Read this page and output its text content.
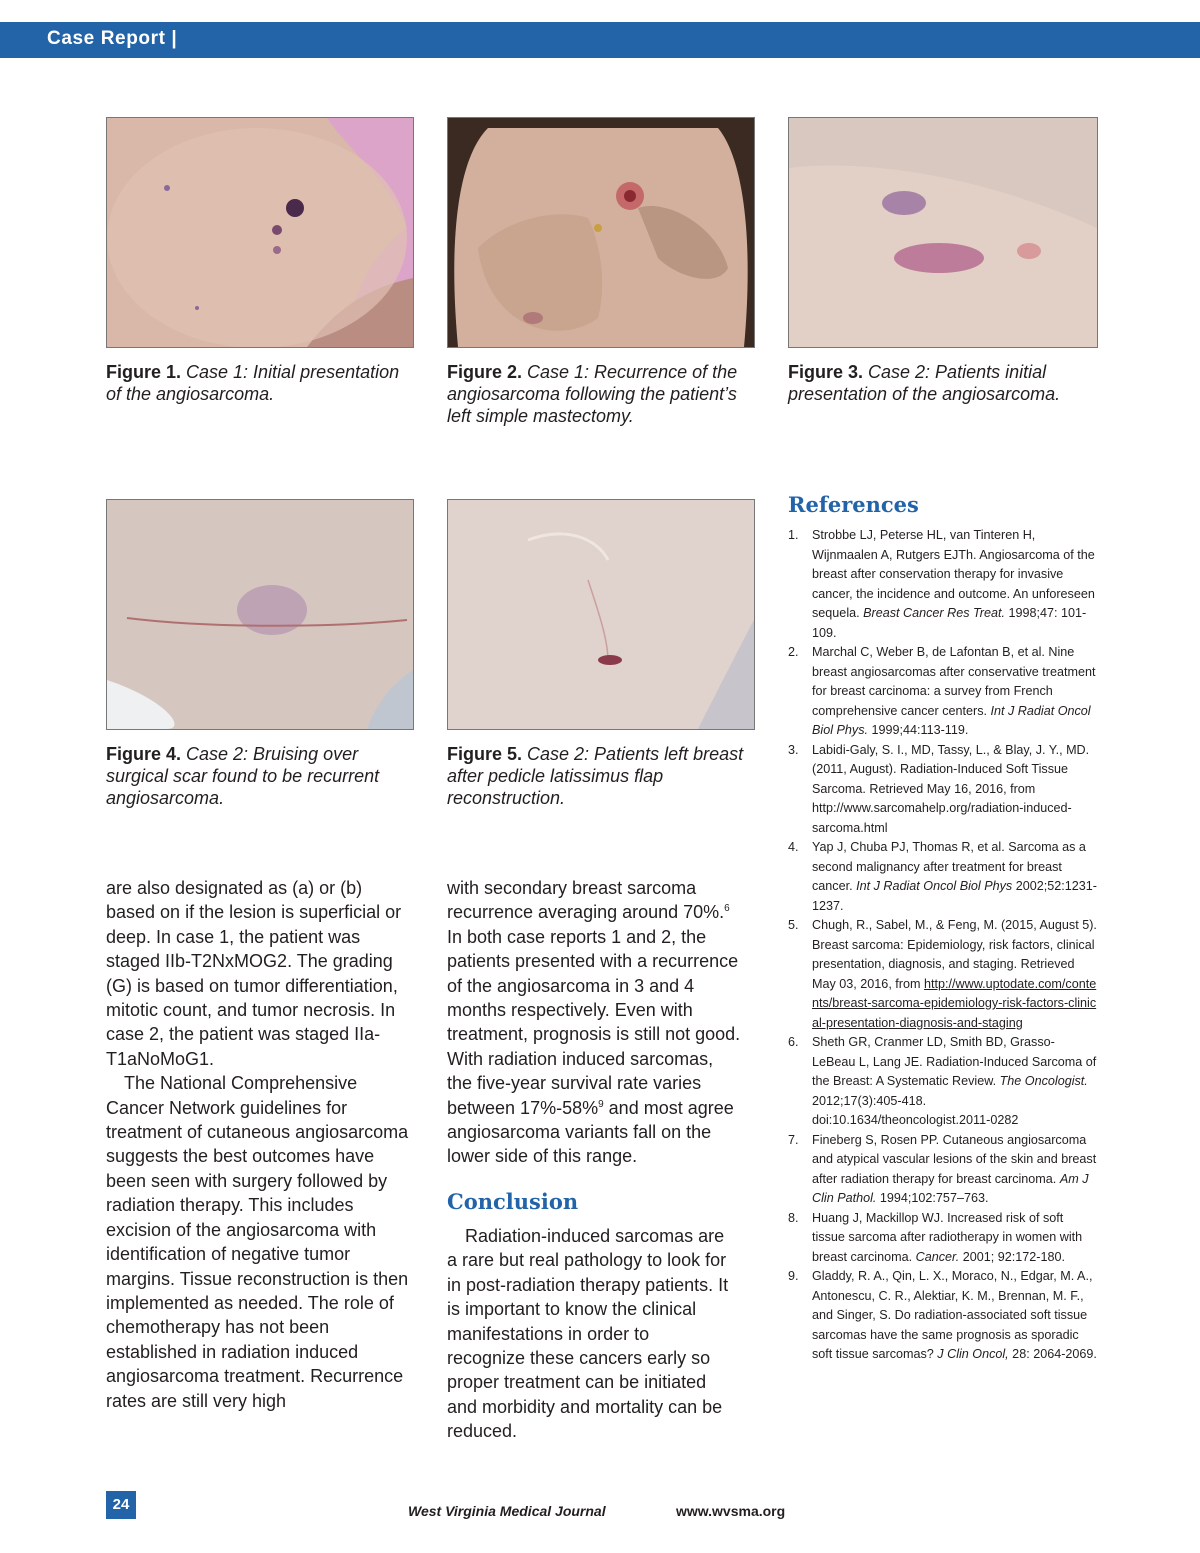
Case Report |
Figure 1. Case 1: Initial presentation of the angiosarcoma.
Figure 2. Case 1: Recurrence of the angiosarcoma following the patient’s left simple mastectomy.
Figure 3. Case 2: Patients initial presentation of the angiosarcoma.
Figure 4. Case 2: Bruising over surgical scar found to be recurrent angiosarcoma.
Figure 5. Case 2: Patients left breast after pedicle latissimus flap reconstruction.

are also designated as (a) or (b) based on if the lesion is superficial or deep. In case 1, the patient was staged IIb-T2NxMOG2. The grading (G) is based on tumor differentiation, mitotic count, and tumor necrosis. In case 2, the patient was staged IIa-T1aNoMoG1.

The National Comprehensive Cancer Network guidelines for treatment of cutaneous angiosarcoma suggests the best outcomes have been seen with surgery followed by radiation therapy. This includes excision of the angiosarcoma with identification of negative tumor margins. Tissue reconstruction is then implemented as needed. The role of chemotherapy has not been established in radiation induced angiosarcoma treatment. Recurrence rates are still very high

with secondary breast sarcoma recurrence averaging around 70%.$^6$ In both case reports 1 and 2, the patients presented with a recurrence of the angiosarcoma in 3 and 4 months respectively. Even with treatment, prognosis is still not good. With radiation induced sarcomas, the five-year survival rate varies between 17%-58%$^9$ and most agree angiosarcoma variants fall on the lower side of this range.

Conclusion

Radiation-induced sarcomas are a rare but real pathology to look for in post-radiation therapy patients. It is important to know the clinical manifestations in order to recognize these cancers early so proper treatment can be initiated and morbidity and mortality can be reduced.

References
1. Strobbe LJ, Peterse HL, van Tinteren H, Wijnmaalen A, Rutgers EJTh. Angiosarcoma of the breast after conservation therapy for invasive cancer, the incidence and outcome. An unforeseen sequela. Breast Cancer Res Treat. 1998;47: 101-109.
2. Marchal C, Weber B, de Lafontan B, et al. Nine breast angiosarcomas after conservative treatment for breast carcinoma: a survey from French comprehensive cancer centers. Int J Radiat Oncol Biol Phys. 1999;44:113-119.
3. Labidi-Galy, S. I., MD, Tassy, L., & Blay, J. Y., MD. (2011, August). Radiation-Induced Soft Tissue Sarcoma. Retrieved May 16, 2016, from http://www.sarcomahelp.org/radiation-induced-sarcoma.html
4. Yap J, Chuba PJ, Thomas R, et al. Sarcoma as a second malignancy after treatment for breast cancer. Int J Radiat Oncol Biol Phys 2002;52:1231-1237.
5. Chugh, R., Sabel, M., & Feng, M. (2015, August 5). Breast sarcoma: Epidemiology, risk factors, clinical presentation, diagnosis, and staging. Retrieved May 03, 2016, from http://www.uptodate.com/contents/breast-sarcoma-epidemiology-risk-factors-clinical-presentation-diagnosis-and-staging
6. Sheth GR, Cranmer LD, Smith BD, Grasso-LeBeau L, Lang JE. Radiation-Induced Sarcoma of the Breast: A Systematic Review. The Oncologist. 2012;17(3):405-418. doi:10.1634/theoncologist.2011-0282
7. Fineberg S, Rosen PP. Cutaneous angiosarcoma and atypical vascular lesions of the skin and breast after radiation therapy for breast carcinoma. Am J Clin Pathol. 1994;102:757–763.
8. Huang J, Mackillop WJ. Increased risk of soft tissue sarcoma after radiotherapy in women with breast carcinoma. Cancer. 2001; 92:172-180.
9. Gladdy, R. A., Qin, L. X., Moraco, N., Edgar, M. A., Antonescu, C. R., Alektiar, K. M., Brennan, M. F., and Singer, S. Do radiation-associated soft tissue sarcomas have the same prognosis as sporadic soft tissue sarcomas? J Clin Oncol, 28: 2064-2069.
24	West Virginia Medical Journal	www.wvsma.org
